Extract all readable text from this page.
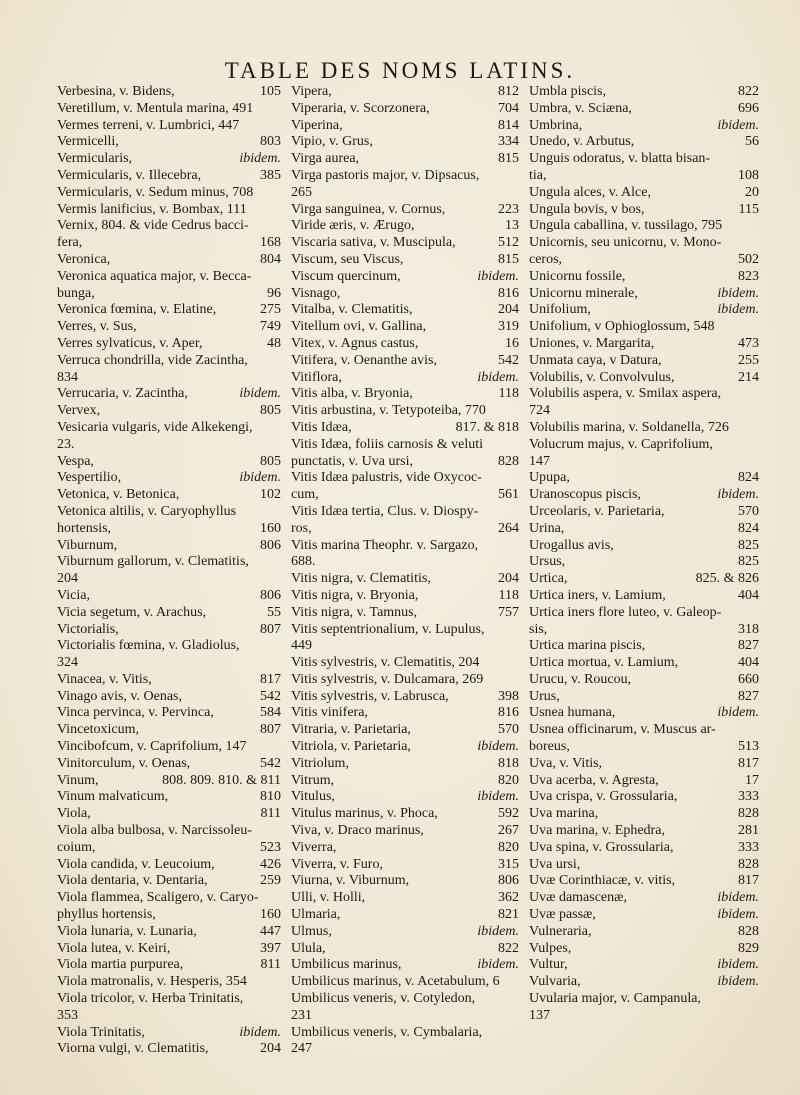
TABLE DES NOMS LATINS.
Verbesina, v. Bidens,	105
Veretillum, v. Mentula marina, 491
Vermes terreni, v. Lumbrici, 447
Vermicelli,	803
Vermicularis,	ibidem.
Vermicularis, v. Illecebra,	385
Vermicularis, v. Sedum minus, 708
Vermis lanificius, v. Bombax, 111
Vernix, 804. & vide Cedrus bacci-
fera,	168
Veronica,	804
Veronica aquatica major, v. Becca-
bunga,	96
Veronica fœmina, v. Elatine,	275
Verres, v. Sus,	749
Verres sylvaticus, v. Aper,	48
Verruca chondrilla, vide Zacintha,
834
Verrucaria, v. Zacintha,	ibidem.
Vervex,	805
Vesicaria vulgaris, vide Alkekengi,
23.
Vespa,	805
Vespertilio,	ibidem.
Vetonica, v. Betonica,	102
Vetonica altilis, v. Caryophyllus
hortensis,	160
Viburnum,	806
Viburnum gallorum, v. Clematitis,
204
Vicia,	806
Vicia segetum, v. Arachus,	55
Victorialis,	807
Victorialis fœmina, v. Gladiolus,
324
Vinacea, v. Vitis,	817
Vinago avis, v. Oenas,	542
Vinca pervinca, v. Pervinca,	584
Vincetoxicum,	807
Vincibofcum, v. Caprifolium, 147
Vinitorculum, v. Oenas,	542
Vinum,	808. 809. 810. & 811
Vinum malvaticum,	810
Viola,	811
Viola alba bulbosa, v. Narcissoleu-
coium,	523
Viola candida, v. Leucoium,	426
Viola dentaria, v. Dentaria,	259
Viola flammea, Scaligero, v. Caryo-
phyllus hortensis,	160
Viola lunaria, v. Lunaria,	447
Viola lutea, v. Keiri,	397
Viola martia purpurea,	811
Viola matronalis, v. Hesperis, 354
Viola tricolor, v. Herba Trinitatis,
353
Viola Trinitatis,	ibidem.
Viorna vulgi, v. Clematitis,	204
Vipera,	812
Viperaria, v. Scorzonera,	704
Viperina,	814
Vipio, v. Grus,	334
Virga aurea,	815
Virga pastoris major, v. Dipsacus,
265
Virga sanguinea, v. Cornus,	223
Viride æris, v. Ærugo,	13
Viscaria sativa, v. Muscipula,	512
Viscum, seu Viscus,	815
Viscum quercinum,	ibidem.
Visnago,	816
Vitalba, v. Clematitis,	204
Vitellum ovi, v. Gallina,	319
Vitex, v. Agnus castus,	16
Vitifera, v. Oenanthe avis,	542
Vitiflora,	ibidem.
Vitis alba, v. Bryonia,	118
Vitis arbustina, v. Tetypoteiba, 770
Vitis Idæa,	817. & 818
Vitis Idæa, foliis carnosis & veluti
punctatis, v. Uva ursi,	828
Vitis Idæa palustris, vide Oxycoc-
cum,	561
Vitis Idæa tertia, Clus. v. Diospy-
ros,	264
Vitis marina Theophr. v. Sargazo,
688.
Vitis nigra, v. Clematitis,	204
Vitis nigra, v. Bryonia,	118
Vitis nigra, v. Tamnus,	757
Vitis septentrionalium, v. Lupulus,
449
Vitis sylvestris, v. Clematitis, 204
Vitis sylvestris, v. Dulcamara, 269
Vitis sylvestris, v. Labrusca,	398
Vitis vinifera,	816
Vitraria, v. Parietaria,	570
Vitriola, v. Parietaria,	ibidem.
Vitriolum,	818
Vitrum,	820
Vitulus,	ibidem.
Vitulus marinus, v. Phoca,	592
Viva, v. Draco marinus,	267
Viverra,	820
Viverra, v. Furo,	315
Viurna, v. Viburnum,	806
Ulli, v. Holli,	362
Ulmaria,	821
Ulmus,	ibidem.
Ulula,	822
Umbilicus marinus,	ibidem.
Umbilicus marinus, v. Acetabulum, 6
Umbilicus veneris, v. Cotyledon,
231
Umbilicus veneris, v. Cymbalaria,
247
Umbla piscis,	822
Umbra, v. Sciæna,	696
Umbrina,	ibidem.
Unedo, v. Arbutus,	56
Unguis odoratus, v. blatta bisan-
tia,	108
Ungula alces, v. Alce,	20
Ungula bovis, v bos,	115
Ungula caballina, v. tussilago, 795
Unicornis, seu unicornu, v. Mono-
ceros,	502
Unicornu fossile,	823
Unicornu minerale,	ibidem.
Unifolium,	ibidem.
Unifolium, v Ophioglossum, 548
Uniones, v. Margarita,	473
Unmata caya, v Datura,	255
Volubilis, v. Convolvulus,	214
Volubilis aspera, v. Smilax aspera,
724
Volubilis marina, v. Soldanella, 726
Volucrum majus, v. Caprifolium,
147
Upupa,	824
Uranoscopus piscis,	ibidem.
Urceolaris, v. Parietaria,	570
Urina,	824
Urogallus avis,	825
Ursus,	825
Urtica,	825. & 826
Urtica iners, v. Lamium,	404
Urtica iners flore luteo, v. Galeop-
sis,	318
Urtica marina piscis,	827
Urtica mortua, v. Lamium,	404
Urucu, v. Roucou,	660
Urus,	827
Usnea humana,	ibidem.
Usnea officinarum, v. Muscus ar-
boreus,	513
Uva, v. Vitis,	817
Uva acerba, v. Agresta,	17
Uva crispa, v. Grossularia,	333
Uva marina,	828
Uva marina, v. Ephedra,	281
Uva spina, v. Grossularia,	333
Uva ursi,	828
Uvæ Corinthiacæ, v. vitis,	817
Uvæ damascenæ,	ibidem.
Uvæ passæ,	ibidem.
Vulneraria,	828
Vulpes,	829
Vultur,	ibidem.
Vulvaria,	ibidem.
Uvularia major, v. Campanula,
137
